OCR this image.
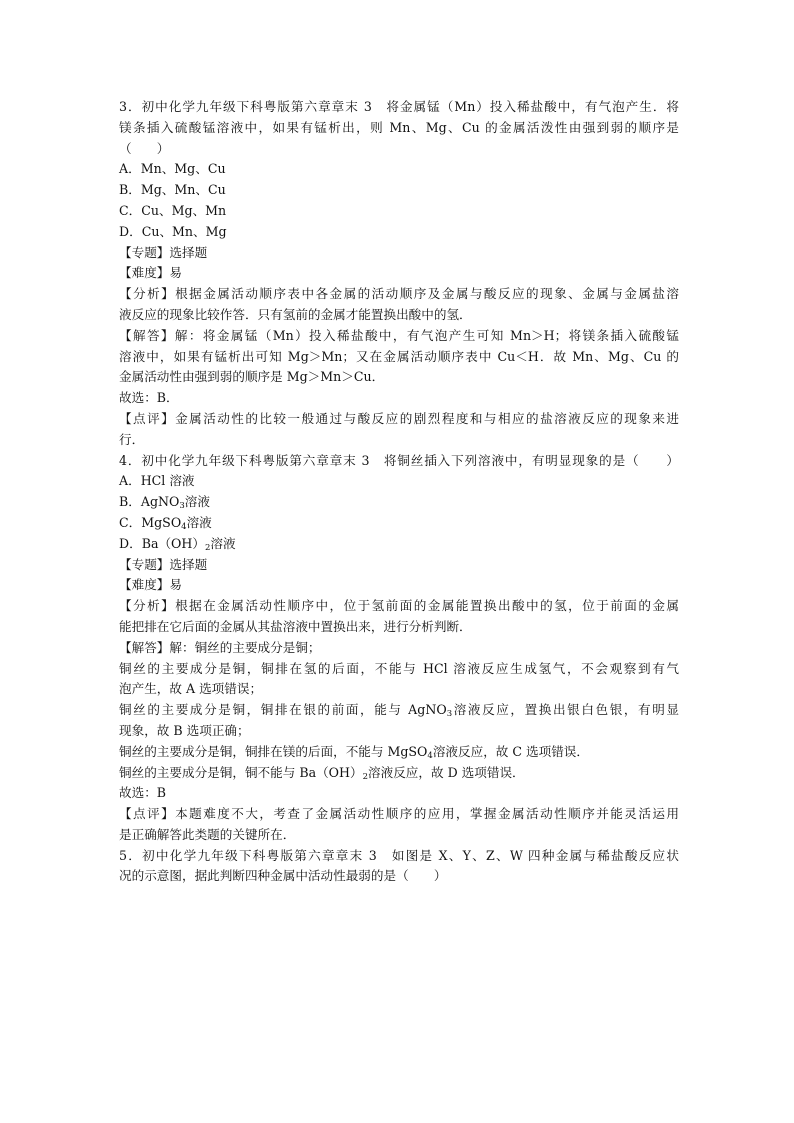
3．初中化学九年级下科粤版第六章章末 3　将金属锰（Mn）投入稀盐酸中，有气泡产生．将
镁条插入硫酸锰溶液中，如果有锰析出，则 Mn、Mg、Cu 的金属活泼性由强到弱的顺序是
（　　）
A．Mn、Mg、Cu
B．Mg、Mn、Cu
C．Cu、Mg、Mn
D．Cu、Mn、Mg
【专题】选择题
【难度】易
【分析】根据金属活动顺序表中各金属的活动顺序及金属与酸反应的现象、金属与金属盐溶
液反应的现象比较作答．只有氢前的金属才能置换出酸中的氢．
【解答】解：将金属锰（Mn）投入稀盐酸中，有气泡产生可知 Mn＞H；将镁条插入硫酸锰
溶液中，如果有锰析出可知 Mg＞Mn；又在金属活动顺序表中 Cu＜H．故 Mn、Mg、Cu 的
金属活动性由强到弱的顺序是 Mg＞Mn＞Cu．
故选：B．
【点评】金属活动性的比较一般通过与酸反应的剧烈程度和与相应的盐溶液反应的现象来进
行．
4．初中化学九年级下科粤版第六章章末 3　将铜丝插入下列溶液中，有明显现象的是（　　）
A．HCl 溶液
B．AgNO$_3$溶液
C．MgSO$_4$溶液
D．$Ba(OH)_2$溶液
【专题】选择题
【难度】易
【分析】根据在金属活动性顺序中，位于氢前面的金属能置换出酸中的氢，位于前面的金属
能把排在它后面的金属从其盐溶液中置换出来，进行分析判断．
【解答】解：铜丝的主要成分是铜；
铜丝的主要成分是铜，铜排在氢的后面，不能与 HCl 溶液反应生成氢气，不会观察到有气
泡产生，故 A 选项错误；
铜丝的主要成分是铜，铜排在银的前面，能与 AgNO$_3$溶液反应，置换出银白色银，有明显
现象，故 B 选项正确；
铜丝的主要成分是铜，铜排在镁的后面，不能与 MgSO$_4$溶液反应，故 C 选项错误．
铜丝的主要成分是铜，铜不能与 $Ba(OH)_2$溶液反应，故 D 选项错误．
故选：B
【点评】本题难度不大，考查了金属活动性顺序的应用，掌握金属活动性顺序并能灵活运用
是正确解答此类题的关键所在．
5．初中化学九年级下科粤版第六章章末 3　如图是 X、Y、Z、W 四种金属与稀盐酸反应状
况的示意图，据此判断四种金属中活动性最弱的是（　　）
